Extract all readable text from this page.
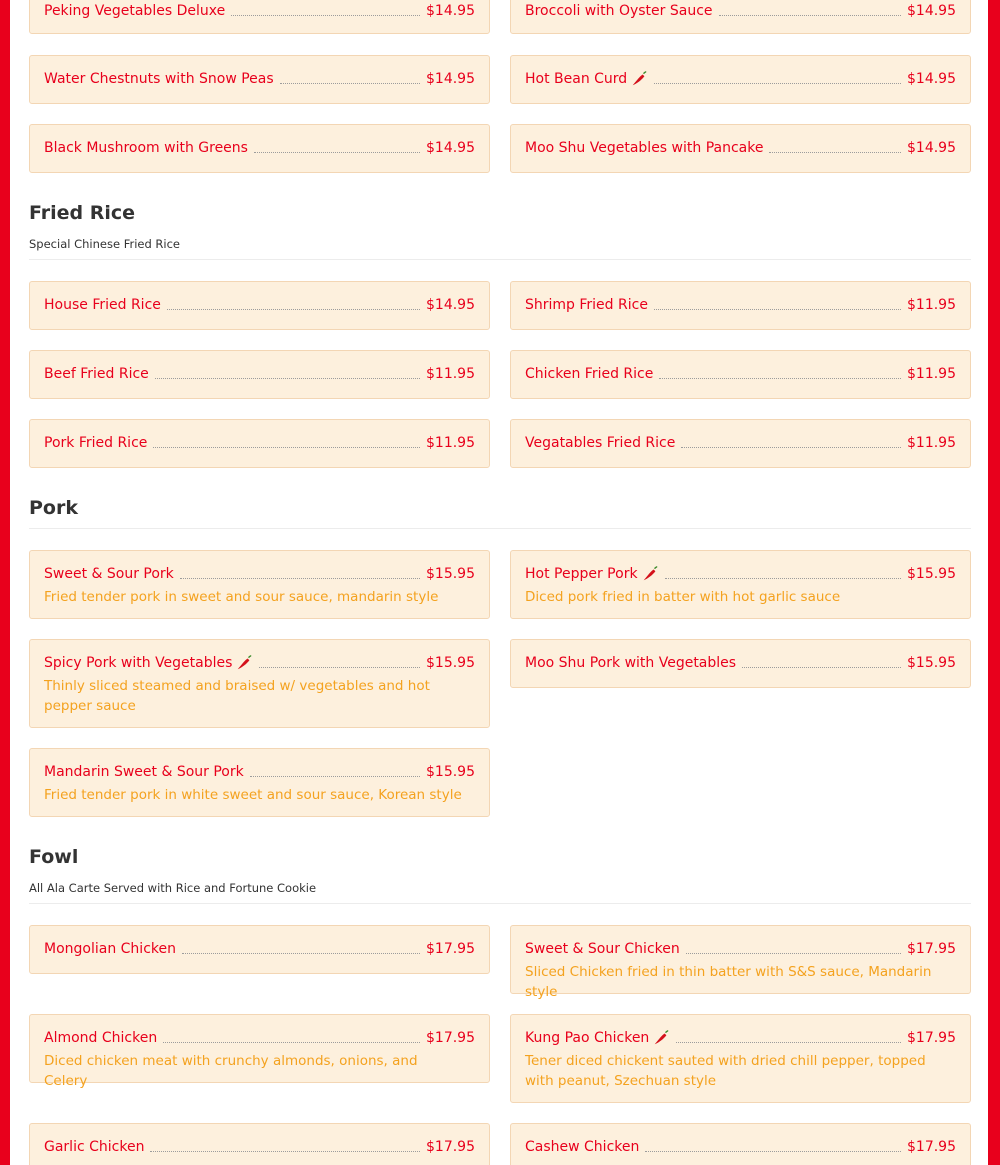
Peking Vegetables Deluxe	$14.95	Broccoli with Oyster Sauce	$14.95
Water Chestnuts with Snow Peas	$14.95	Hot Bean Curd	$14.95
Black Mushroom with Greens	$14.95	Moo Shu Vegetables with Pancake	$14.95
Fried Rice
Special Chinese Fried Rice
House Fried Rice	$14.95	Shrimp Fried Rice	$11.95
Beef Fried Rice	$11.95	Chicken Fried Rice	$11.95
Pork Fried Rice	$11.95	Vegatables Fried Rice	$11.95
Pork
Sweet & Sour Pork	$15.95
Fried tender pork in sweet and sour sauce, mandarin style
Hot Pepper Pork	$15.95
Diced pork fried in batter with hot garlic sauce
Spicy Pork with Vegetables	$15.95
Thinly sliced steamed and braised w/ vegetables and hot pepper sauce
Moo Shu Pork with Vegetables	$15.95
Mandarin Sweet & Sour Pork	$15.95
Fried tender pork in white sweet and sour sauce, Korean style
Fowl
All Ala Carte Served with Rice and Fortune Cookie
Mongolian Chicken	$17.95	Sweet & Sour Chicken	$17.95
Sliced Chicken fried in thin batter with S&S sauce, Mandarin style
Almond Chicken	$17.95
Diced chicken meat with crunchy almonds, onions, and Celery
Kung Pao Chicken	$17.95
Tener diced chickent sauted with dried chill pepper, topped with peanut, Szechuan style
Garlic Chicken	$17.95	Cashew Chicken	$17.95
